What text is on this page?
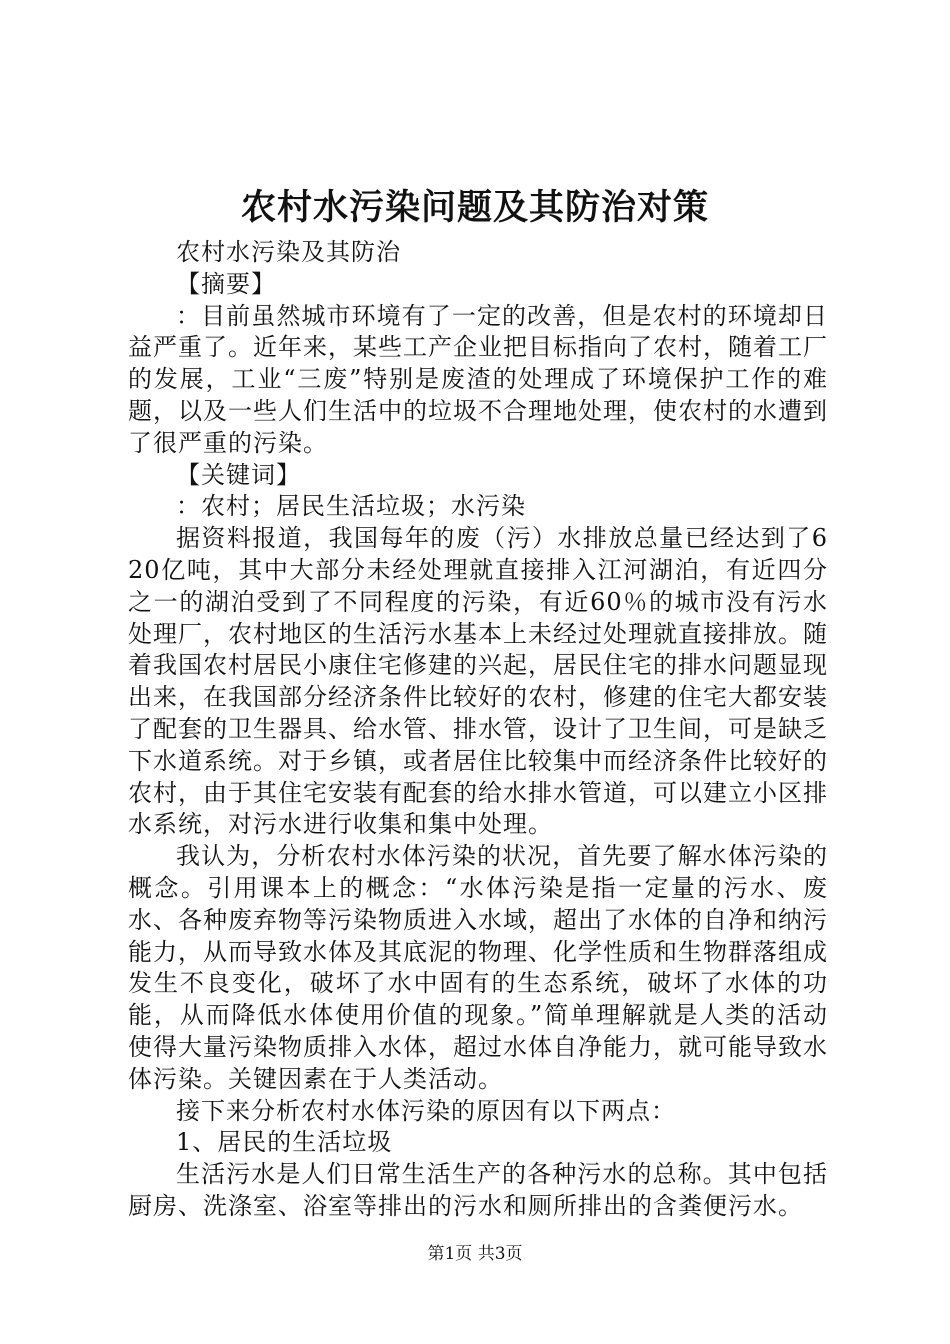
农村水污染问题及其防治对策

农村水污染及其防治

【摘要】

：目前虽然城市环境有了一定的改善，但是农村的环境却日益严重了。近年来，某些工产企业把目标指向了农村，随着工厂的发展，工业“三废”特别是废渣的处理成了环境保护工作的难题，以及一些人们生活中的垃圾不合理地处理，使农村的水遭到了很严重的污染。

【关键词】

：农村；居民生活垃圾；水污染

据资料报道，我国每年的废（污）水排放总量已经达到了620亿吨，其中大部分未经处理就直接排入江河湖泊，有近四分之一的湖泊受到了不同程度的污染，有近60％的城市没有污水处理厂，农村地区的生活污水基本上未经过处理就直接排放。随着我国农村居民小康住宅修建的兴起，居民住宅的排水问题显现出来，在我国部分经济条件比较好的农村，修建的住宅大都安装了配套的卫生器具、给水管、排水管，设计了卫生间，可是缺乏下水道系统。对于乡镇，或者居住比较集中而经济条件比较好的农村，由于其住宅安装有配套的给水排水管道，可以建立小区排水系统，对污水进行收集和集中处理。

我认为，分析农村水体污染的状况，首先要了解水体污染的概念。引用课本上的概念：“水体污染是指一定量的污水、废水、各种废弃物等污染物质进入水域，超出了水体的自净和纳污能力，从而导致水体及其底泥的物理、化学性质和生物群落组成发生不良变化，破坏了水中固有的生态系统，破坏了水体的功能，从而降低水体使用价值的现象。”简单理解就是人类的活动使得大量污染物质排入水体，超过水体自净能力，就可能导致水体污染。关键因素在于人类活动。

接下来分析农村水体污染的原因有以下两点：

1、居民的生活垃圾

生活污水是人们日常生活生产的各种污水的总称。其中包括厨房、洗涤室、浴室等排出的污水和厕所排出的含粪便污水。

第1页 共3页
